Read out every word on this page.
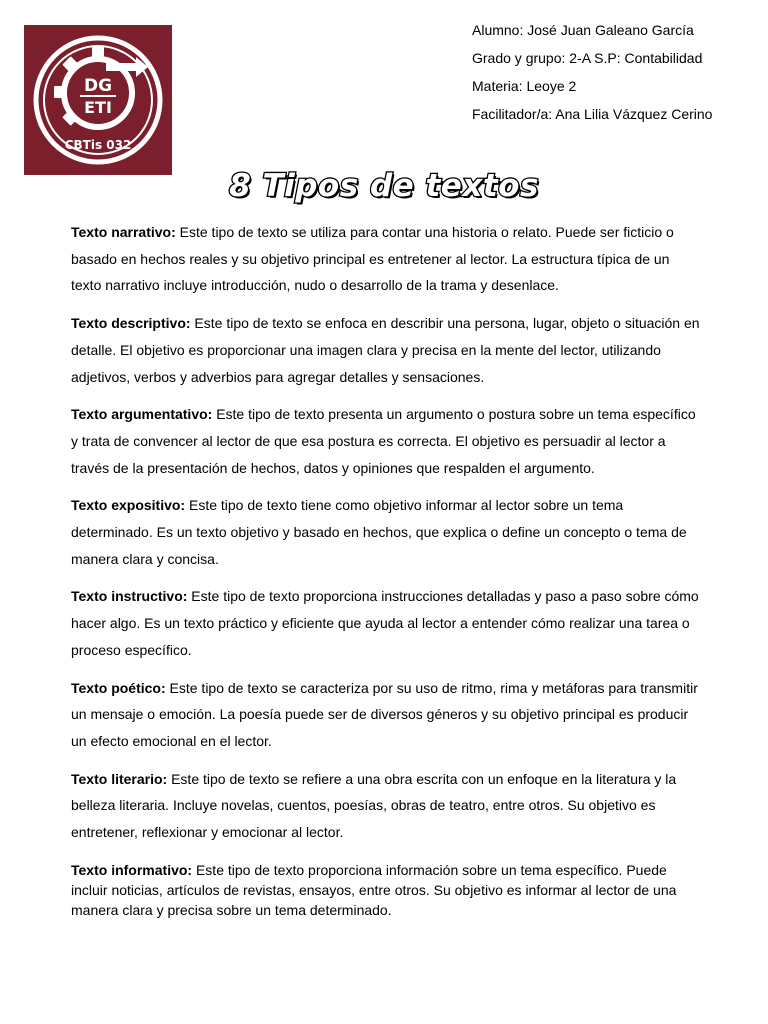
DG
ETI
CBTis 032
Alumno: José Juan Galeano García
Grado y grupo: 2-A S.P: Contabilidad
Materia: Leoye 2
Facilitador/a: Ana Lilia Vázquez Cerino
8 Tipos de textos

Texto narrativo: Este tipo de texto se utiliza para contar una historia o relato. Puede ser ficticio o basado en hechos reales y su objetivo principal es entretener al lector. La estructura típica de un texto narrativo incluye introducción, nudo o desarrollo de la trama y desenlace.

Texto descriptivo: Este tipo de texto se enfoca en describir una persona, lugar, objeto o situación en detalle. El objetivo es proporcionar una imagen clara y precisa en la mente del lector, utilizando adjetivos, verbos y adverbios para agregar detalles y sensaciones.

Texto argumentativo: Este tipo de texto presenta un argumento o postura sobre un tema específico y trata de convencer al lector de que esa postura es correcta. El objetivo es persuadir al lector a través de la presentación de hechos, datos y opiniones que respalden el argumento.

Texto expositivo: Este tipo de texto tiene como objetivo informar al lector sobre un tema determinado. Es un texto objetivo y basado en hechos, que explica o define un concepto o tema de manera clara y concisa.

Texto instructivo: Este tipo de texto proporciona instrucciones detalladas y paso a paso sobre cómo hacer algo. Es un texto práctico y eficiente que ayuda al lector a entender cómo realizar una tarea o proceso específico.

Texto poético: Este tipo de texto se caracteriza por su uso de ritmo, rima y metáforas para transmitir un mensaje o emoción. La poesía puede ser de diversos géneros y su objetivo principal es producir un efecto emocional en el lector.

Texto literario: Este tipo de texto se refiere a una obra escrita con un enfoque en la literatura y la belleza literaria. Incluye novelas, cuentos, poesías, obras de teatro, entre otros. Su objetivo es entretener, reflexionar y emocionar al lector.

Texto informativo: Este tipo de texto proporciona información sobre un tema específico. Puede incluir noticias, artículos de revistas, ensayos, entre otros. Su objetivo es informar al lector de una manera clara y precisa sobre un tema determinado.
